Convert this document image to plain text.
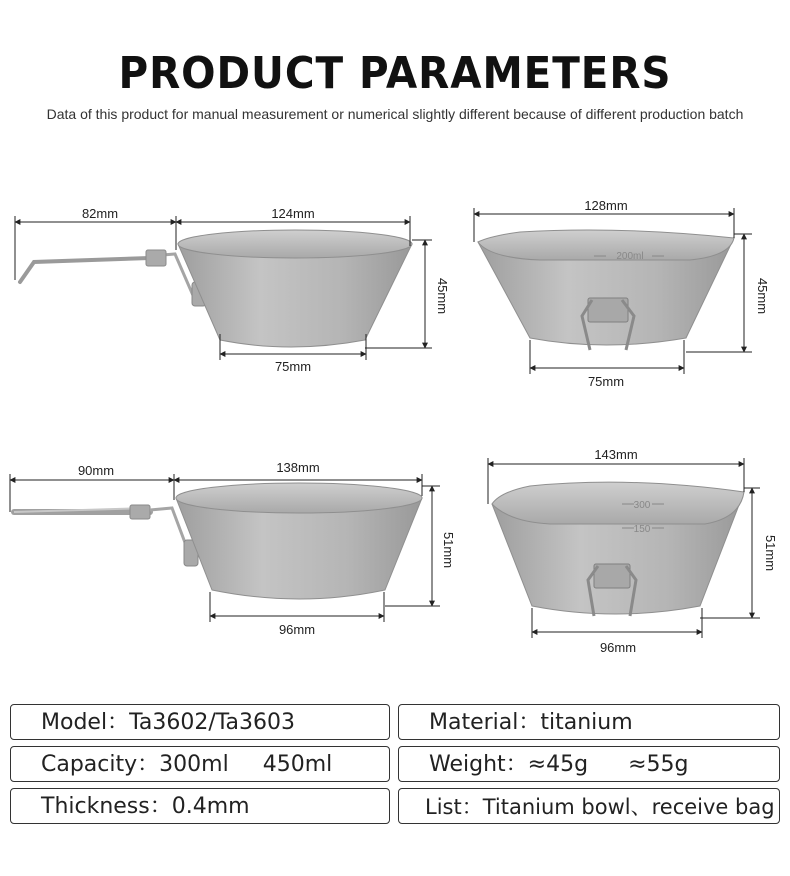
PRODUCT PARAMETERS
Data of this product for manual measurement or numerical slightly different because of different production batch
82mm	124mm
45mm
75mm
200ml
128mm
45mm
75mm
90mm	138mm
51mm
96mm
300
150
143mm
51mm
96mm
Model：Ta3602/Ta3603	Material：titanium
Capacity：300ml 450ml	Weight：≈45g ≈55g
Thickness：0.4mm	List：Titanium bowl、receive bag
